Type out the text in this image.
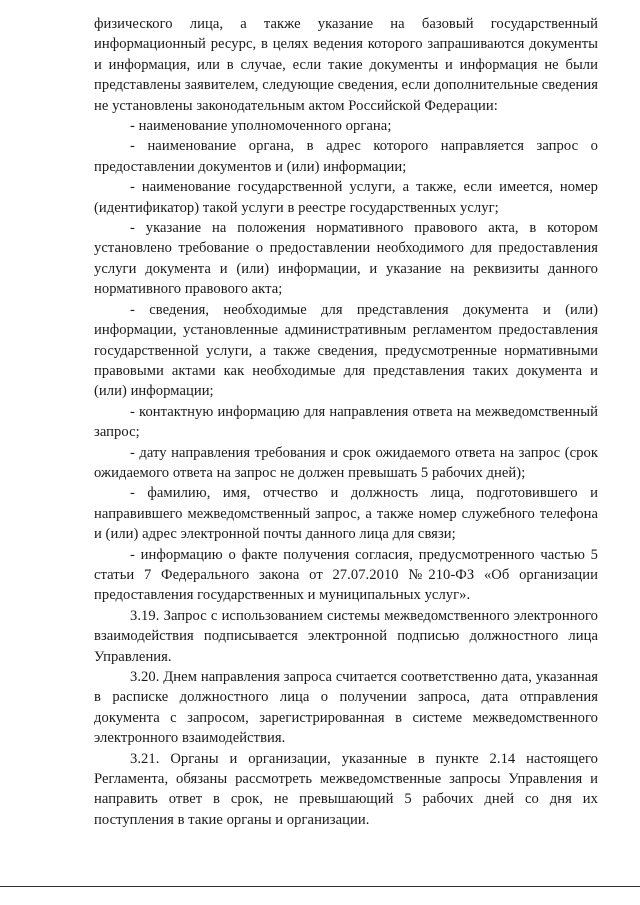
физического лица, а также указание на базовый государственный информационный ресурс, в целях ведения которого запрашиваются документы и информация, или в случае, если такие документы и информация не были представлены заявителем, следующие сведения, если дополнительные сведения не установлены законодательным актом Российской Федерации:

- наименование уполномоченного органа;

- наименование органа, в адрес которого направляется запрос о предоставлении документов и (или) информации;

- наименование государственной услуги, а также, если имеется, номер (идентификатор) такой услуги в реестре государственных услуг;

- указание на положения нормативного правового акта, в котором установлено требование о предоставлении необходимого для предоставления услуги документа и (или) информации, и указание на реквизиты данного нормативного правового акта;

- сведения, необходимые для представления документа и (или) информации, установленные административным регламентом предоставления государственной услуги, а также сведения, предусмотренные нормативными правовыми актами как необходимые для представления таких документа и (или) информации;

- контактную информацию для направления ответа на межведомственный запрос;

- дату направления требования и срок ожидаемого ответа на запрос (срок ожидаемого ответа на запрос не должен превышать 5 рабочих дней);

- фамилию, имя, отчество и должность лица, подготовившего и направившего межведомственный запрос, а также номер служебного телефона и (или) адрес электронной почты данного лица для связи;

- информацию о факте получения согласия, предусмотренного частью 5 статьи 7 Федерального закона от 27.07.2010 №210-ФЗ «Об организации предоставления государственных и муниципальных услуг».

3.19. Запрос с использованием системы межведомственного электронного взаимодействия подписывается электронной подписью должностного лица Управления.

3.20. Днем направления запроса считается соответственно дата, указанная в расписке должностного лица о получении запроса, дата отправления документа с запросом, зарегистрированная в системе межведомственного электронного взаимодействия.

3.21. Органы и организации, указанные в пункте 2.14 настоящего Регламента, обязаны рассмотреть межведомственные запросы Управления и направить ответ в срок, не превышающий 5 рабочих дней со дня их поступления в такие органы и организации.
